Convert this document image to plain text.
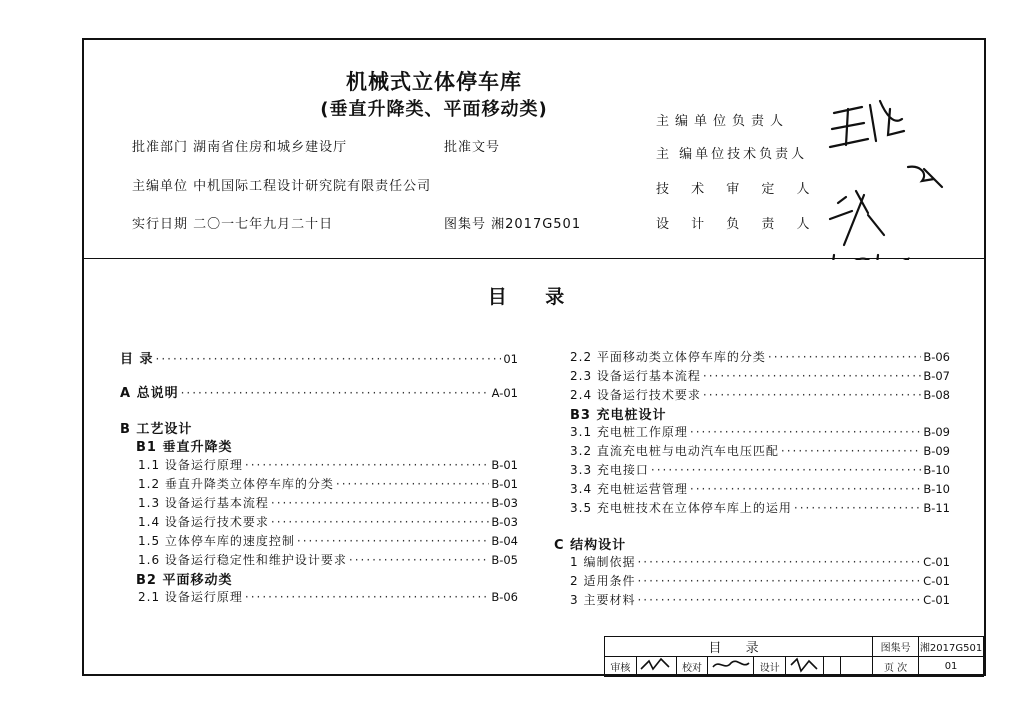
机械式立体停车库
(垂直升降类、平面移动类)
批准部门 湖南省住房和城乡建设厅	批准文号
主编单位 中机国际工程设计研究院有限责任公司
实行日期 二〇一七年九月二十日	图集号 湘2017G501
主编单位负责人
主 编单位技术负责人
技 术 审 定 人
设 计 负 责 人
目 录
目 录 ·····	01
A 总说明 ·····	A-01
B 工艺设计
B1 垂直升降类
1.1 设备运行原理 ·····	B-01
1.2 垂直升降类立体停车库的分类 ·····	B-01
1.3 设备运行基本流程 ·····	B-03
1.4 设备运行技术要求 ·····	B-03
1.5 立体停车库的速度控制 ·····	B-04
1.6 设备运行稳定性和维护设计要求 ·····	B-05
B2 平面移动类
2.1 设备运行原理 ·····	B-06
2.2 平面移动类立体停车库的分类 ·····	B-06
2.3 设备运行基本流程 ·····	B-07
2.4 设备运行技术要求 ·····	B-08
B3 充电桩设计
3.1 充电桩工作原理 ·····	B-09
3.2 直流充电桩与电动汽车电压匹配 ·····	B-09
3.3 充电接口 ·····	B-10
3.4 充电桩运营管理 ·····	B-10
3.5 充电桩技术在立体停车库上的运用 ·····	B-11
C 结构设计
1 编制依据 ·····	C-01
2 适用条件 ·····	C-01
3 主要材料 ·····	C-01
目 录								图集号	湘2017G501
审核		校对		设计				页 次	01
